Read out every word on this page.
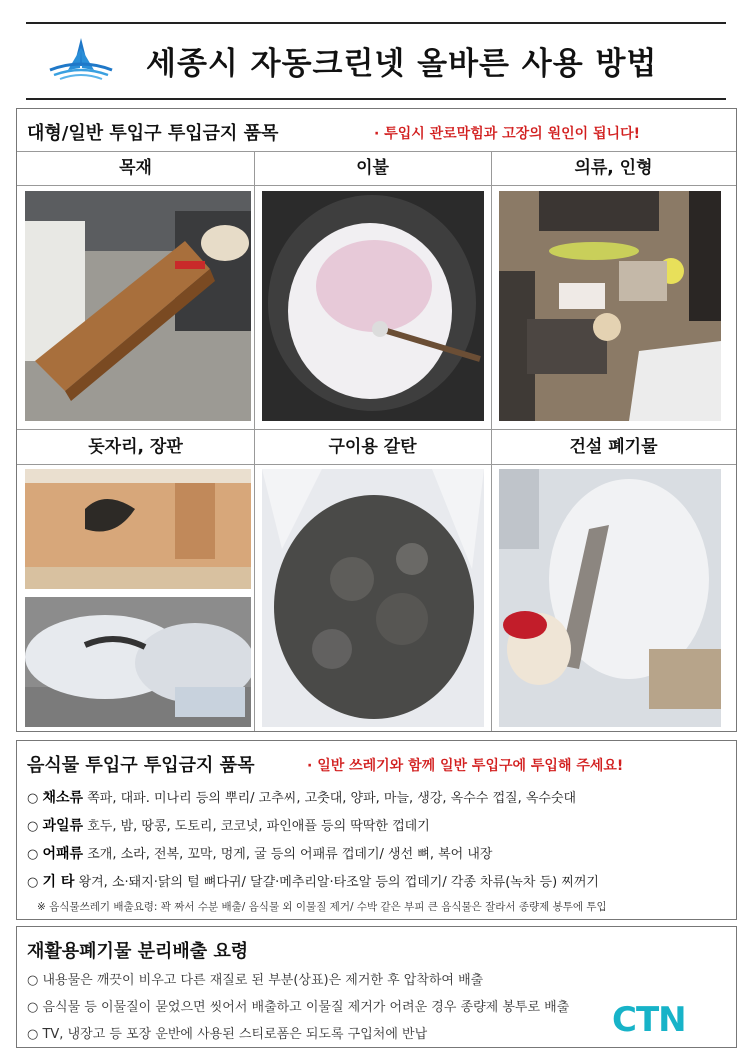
세종시 자동크린넷 올바른 사용 방법
대형/일반 투입구 투입금지 품목	· 투입시 관로막힘과 고장의 원인이 됩니다!
목재	이불	의류, 인형
돗자리, 장판	구이용 갈탄	건설 폐기물
음식물 투입구 투입금지 품목	· 일반 쓰레기와 함께 일반 투입구에 투입해 주세요!
○ 채소류 쪽파, 대파. 미나리 등의 뿌리/ 고추씨, 고춧대, 양파, 마늘, 생강, 옥수수 껍질, 옥수숫대
○ 과일류 호두, 밤, 땅콩, 도토리, 코코넛, 파인애플 등의 딱딱한 껍데기
○ 어패류 조개, 소라, 전복, 꼬막, 멍게, 굴 등의 어패류 껍데기/ 생선 뼈, 복어 내장
○ 기 타 왕겨, 소·돼지·닭의 털 뼈다귀/ 달걀·메추리알·타조알 등의 껍데기/ 각종 차류(녹차 등) 찌꺼기
※ 음식물쓰레기 배출요령: 꽉 짜서 수분 배출/ 음식물 외 이물질 제거/ 수박 같은 부피 큰 음식물은 잘라서 종량제 봉투에 투입
재활용폐기물 분리배출 요령
○ 내용물은 깨끗이 비우고 다른 재질로 된 부분(상표)은 제거한 후 압착하여 배출
○ 음식물 등 이물질이 묻었으면 씻어서 배출하고 이물질 제거가 어려운 경우 종량제 봉투로 배출
○ TV, 냉장고 등 포장 운반에 사용된 스티로폼은 되도록 구입처에 반납	CTN
